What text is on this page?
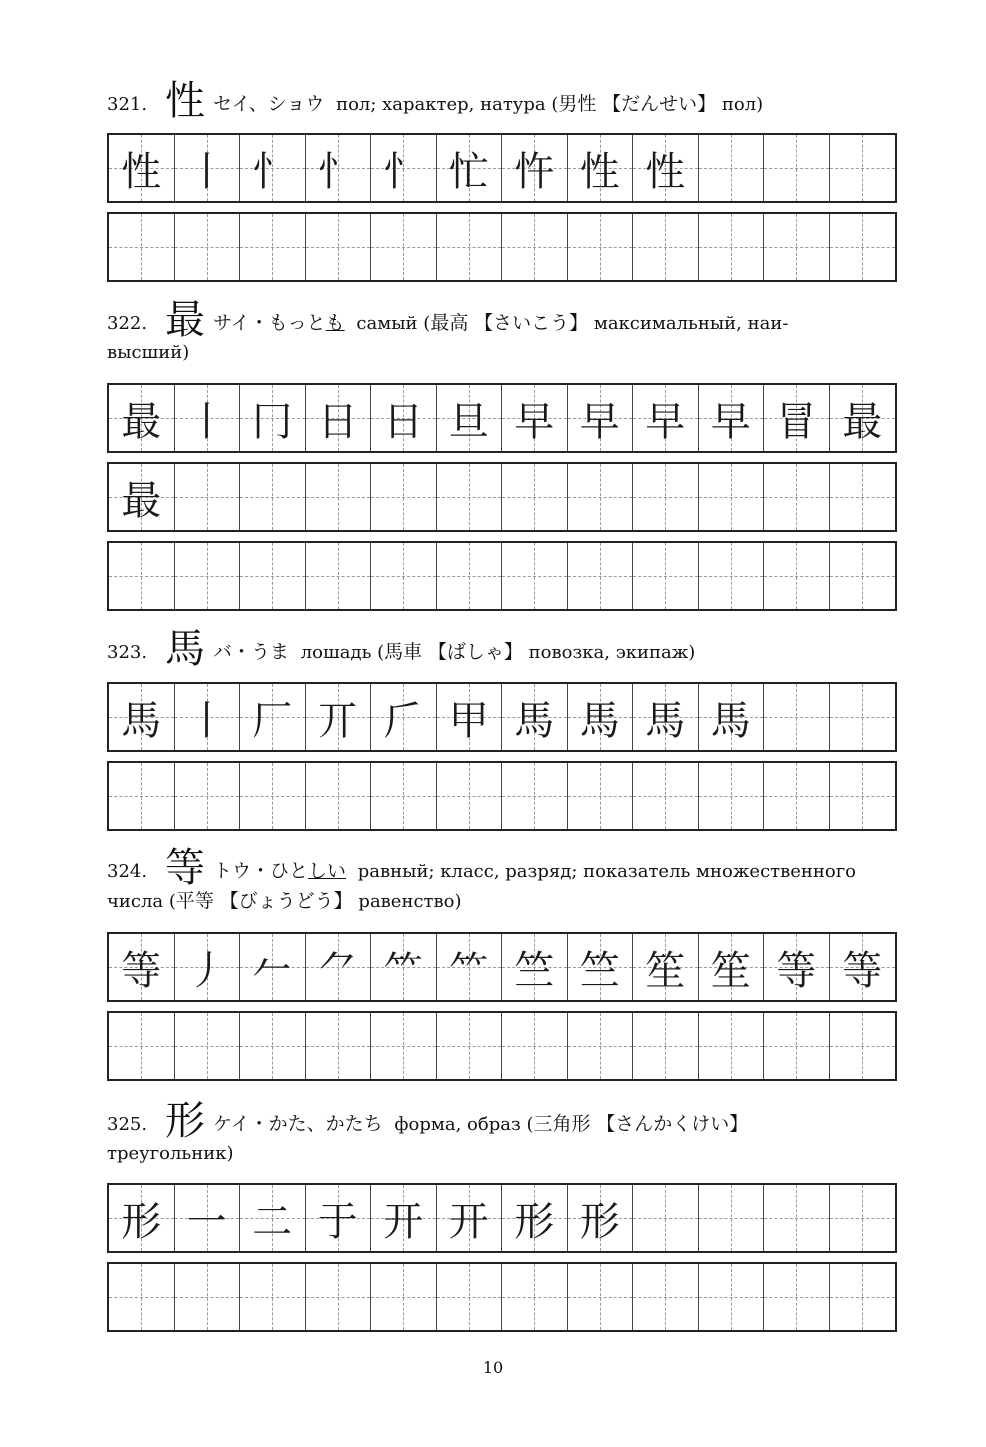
321. 性 セイ、ショウ пол; характер, натура (男性 【だんせい】 пол)
性 丨 忄 忄 忄 忙 忤 性 性
322. 最 サイ・もっとも самый (最高 【さいこう】 максимальный, наи-
высший)
最 丨 冂 日 日 旦 早 早 早 早 冒 最
最
323. 馬 バ・うま лошадь (馬車 【ばしゃ】 повозка, экипаж)
馬 丨 厂 丌 𠂆 甲 馬 馬 馬 馬
324. 等 トウ・ひとしい равный; класс, разряд; показатель множественного
числа (平等 【びょうどう】 равенство)
等 丿 𠂉 ⺈ ⺮ ⺮ 竺 竺 笙 笙 等 等
325. 形 ケイ・かた、かたち форма, образ (三角形 【さんかくけい】
треугольник)
形 一 二 于 开 开 形 形
10
